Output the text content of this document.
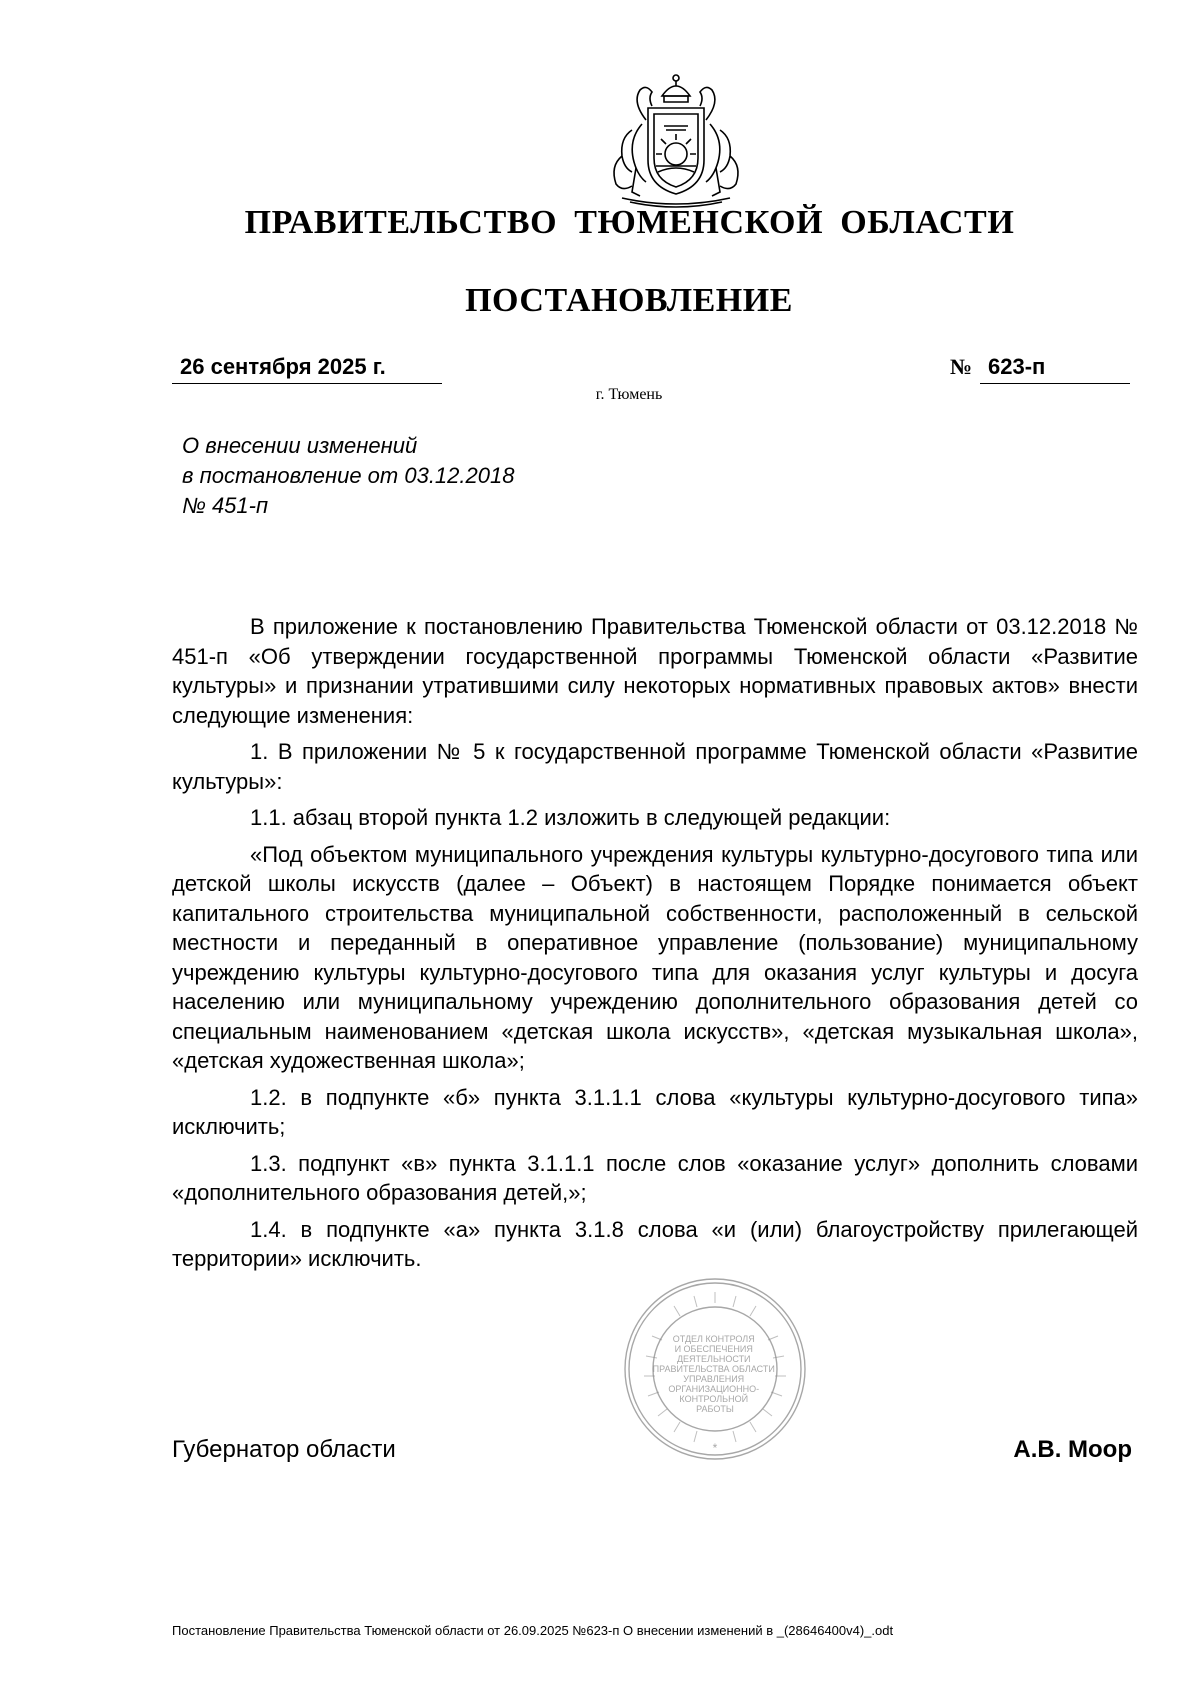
ПРАВИТЕЛЬСТВО ТЮМЕНСКОЙ ОБЛАСТИ
ПОСТАНОВЛЕНИЕ
26 сентября 2025 г.	№ 623-п
г. Тюмень
О внесении изменений
в постановление от 03.12.2018
№ 451-п

В приложение к постановлению Правительства Тюменской области от 03.12.2018 № 451-п «Об утверждении государственной программы Тюменской области «Развитие культуры» и признании утратившими силу некоторых нормативных правовых актов» внести следующие изменения:

1. В приложении № 5 к государственной программе Тюменской области «Развитие культуры»:

1.1. абзац второй пункта 1.2 изложить в следующей редакции:

«Под объектом муниципального учреждения культуры культурно-досугового типа или детской школы искусств (далее – Объект) в настоящем Порядке понимается объект капитального строительства муниципальной собственности, расположенный в сельской местности и переданный в оперативное управление (пользование) муниципальному учреждению культуры культурно-досугового типа для оказания услуг культуры и досуга населению или муниципальному учреждению дополнительного образования детей со специальным наименованием «детская школа искусств», «детская музыкальная школа», «детская художественная школа»;

1.2. в подпункте «б» пункта 3.1.1.1 слова «культуры культурно-досугового типа» исключить;

1.3. подпункт «в» пункта 3.1.1.1 после слов «оказание услуг» дополнить словами «дополнительного образования детей,»;

1.4. в подпункте «а» пункта 3.1.8 слова «и (или) благоустройству прилегающей территории» исключить.

ОТДЕЛ КОНТРОЛЯ И ОБЕСПЕЧЕНИЯ ДЕЯТЕЛЬНОСТИ ПРАВИТЕЛЬСТВА ОБЛАСТИ УПРАВЛЕНИЯ ОРГАНИЗАЦИОННО- КОНТРОЛЬНОЙ РАБОТЫ
*
Губернатор области	А.В. Моор
Постановление Правительства Тюменской области от 26.09.2025 №623-п О внесении изменений в _(28646400v4)_.odt
